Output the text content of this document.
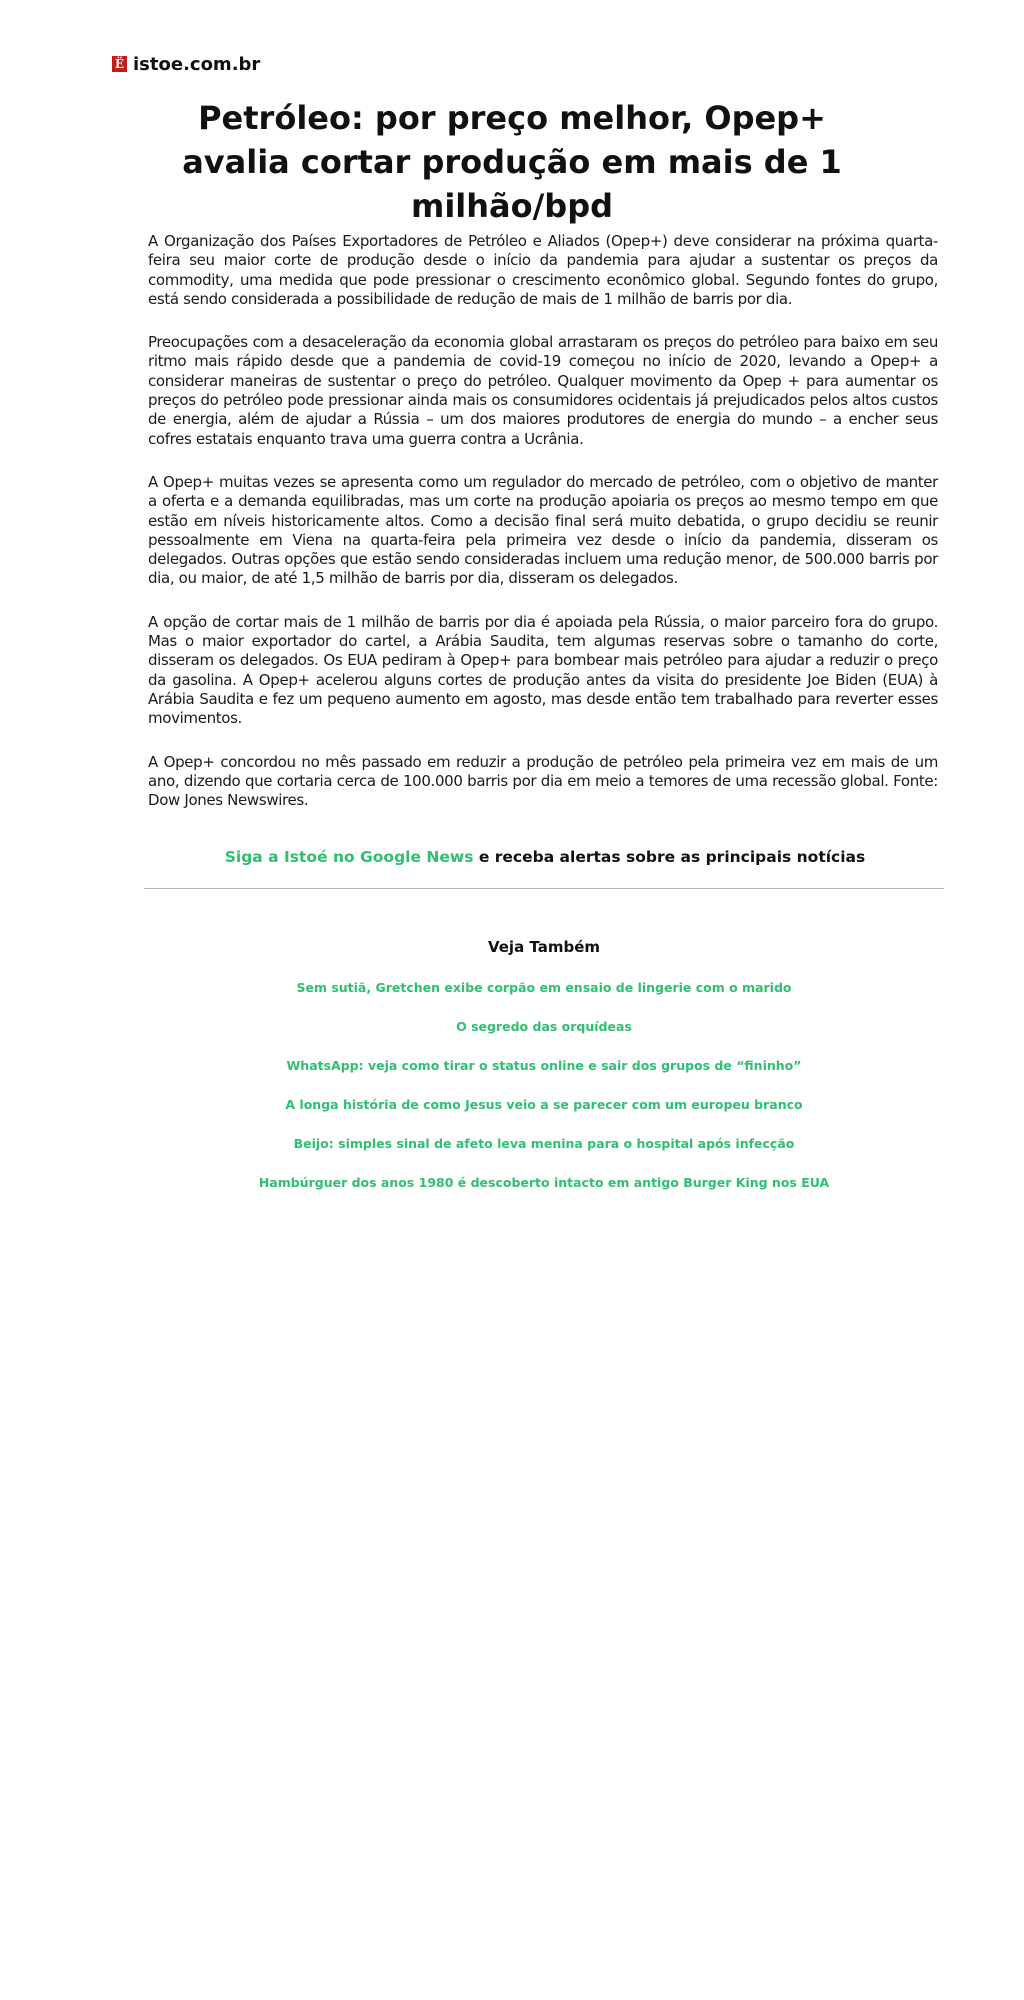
Ë istoe.com.br
Petróleo: por preço melhor, Opep+ avalia cortar produção em mais de 1 milhão/bpd

A Organização dos Países Exportadores de Petróleo e Aliados (Opep+) deve considerar na próxima quarta-feira seu maior corte de produção desde o início da pandemia para ajudar a sustentar os preços da commodity, uma medida que pode pressionar o crescimento econômico global. Segundo fontes do grupo, está sendo considerada a possibilidade de redução de mais de 1 milhão de barris por dia.

Preocupações com a desaceleração da economia global arrastaram os preços do petróleo para baixo em seu ritmo mais rápido desde que a pandemia de covid-19 começou no início de 2020, levando a Opep+ a considerar maneiras de sustentar o preço do petróleo. Qualquer movimento da Opep + para aumentar os preços do petróleo pode pressionar ainda mais os consumidores ocidentais já prejudicados pelos altos custos de energia, além de ajudar a Rússia – um dos maiores produtores de energia do mundo – a encher seus cofres estatais enquanto trava uma guerra contra a Ucrânia.

A Opep+ muitas vezes se apresenta como um regulador do mercado de petróleo, com o objetivo de manter a oferta e a demanda equilibradas, mas um corte na produção apoiaria os preços ao mesmo tempo em que estão em níveis historicamente altos. Como a decisão final será muito debatida, o grupo decidiu se reunir pessoalmente em Viena na quarta-feira pela primeira vez desde o início da pandemia, disseram os delegados. Outras opções que estão sendo consideradas incluem uma redução menor, de 500.000 barris por dia, ou maior, de até 1,5 milhão de barris por dia, disseram os delegados.

A opção de cortar mais de 1 milhão de barris por dia é apoiada pela Rússia, o maior parceiro fora do grupo. Mas o maior exportador do cartel, a Arábia Saudita, tem algumas reservas sobre o tamanho do corte, disseram os delegados. Os EUA pediram à Opep+ para bombear mais petróleo para ajudar a reduzir o preço da gasolina. A Opep+ acelerou alguns cortes de produção antes da visita do presidente Joe Biden (EUA) à Arábia Saudita e fez um pequeno aumento em agosto, mas desde então tem trabalhado para reverter esses movimentos.

A Opep+ concordou no mês passado em reduzir a produção de petróleo pela primeira vez em mais de um ano, dizendo que cortaria cerca de 100.000 barris por dia em meio a temores de uma recessão global. Fonte: Dow Jones Newswires.

Siga a Istoé no Google News e receba alertas sobre as principais notícias
Veja Também
Sem sutiã, Gretchen exibe corpão em ensaio de lingerie com o marido
O segredo das orquídeas
WhatsApp: veja como tirar o status online e sair dos grupos de “fininho”
A longa história de como Jesus veio a se parecer com um europeu branco
Beijo: simples sinal de afeto leva menina para o hospital após infecção
Hambúrguer dos anos 1980 é descoberto intacto em antigo Burger King nos EUA
